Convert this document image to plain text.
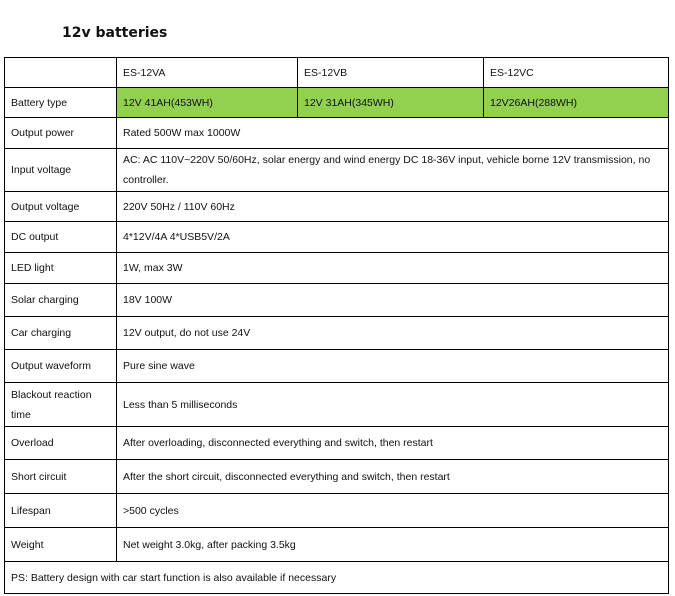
12v batteries
	ES-12VA	ES-12VB	ES-12VC
Battery type	12V 41AH(453WH)	12V 31AH(345WH)	12V26AH(288WH)
Output power	Rated 500W max 1000W		
Input voltage	AC: AC 110V~220V 50/60Hz, solar energy and wind energy DC 18-36V input, vehicle borne 12V transmission, no controller.		
Output voltage	220V 50Hz / 110V 60Hz		
DC output	4*12V/4A 4*USB5V/2A		
LED light	1W, max 3W		
Solar charging	18V 100W		
Car charging	12V output, do not use 24V		
Output waveform	Pure sine wave		
Blackout reaction time	Less than 5 milliseconds		
Overload	After overloading, disconnected everything and switch, then restart		
Short circuit	After the short circuit, disconnected everything and switch, then restart		
Lifespan	>500 cycles		
Weight	Net weight 3.0kg, after packing 3.5kg		
PS: Battery design with car start function is also available if necessary			
